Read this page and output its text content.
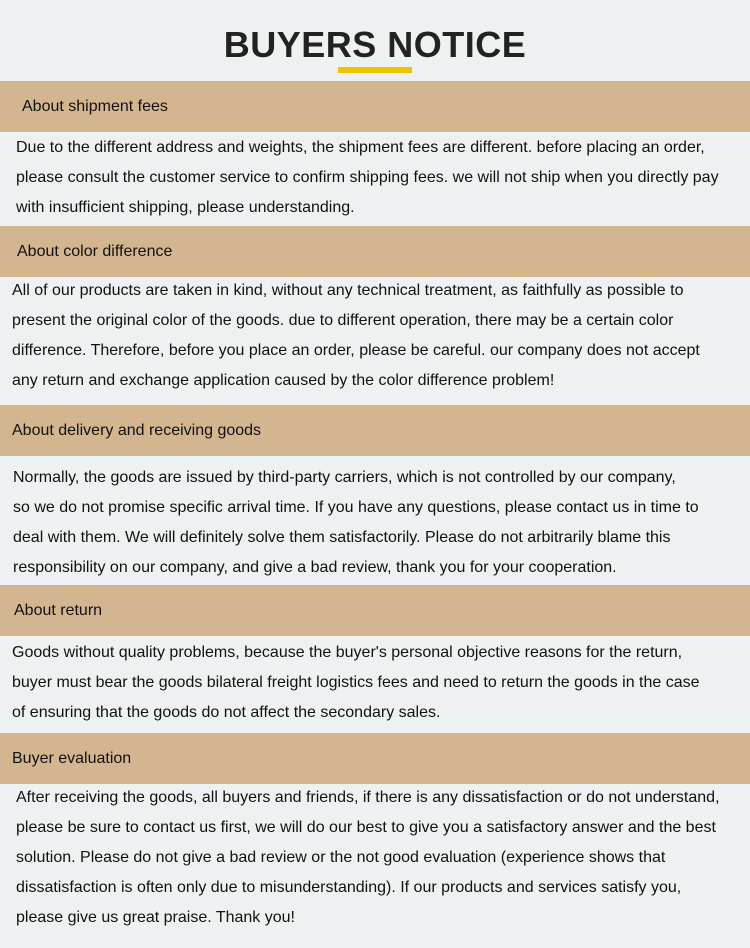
BUYERS NOTICE
About shipment fees
Due to the different address and weights, the shipment fees are different. before placing an order,
please consult the customer service to confirm shipping fees. we will not ship when you directly pay
with insufficient shipping, please understanding.
About color difference
All of our products are taken in kind, without any technical treatment, as faithfully as possible to
present the original color of the goods. due to different operation, there may be a certain color
difference. Therefore, before you place an order, please be careful. our company does not accept
any return and exchange application caused by the color difference problem!
About delivery and receiving goods
Normally, the goods are issued by third-party carriers, which is not controlled by our company,
so we do not promise specific arrival time. If you have any questions, please contact us in time to
deal with them. We will definitely solve them satisfactorily. Please do not arbitrarily blame this
responsibility on our company, and give a bad review, thank you for your cooperation.
About return
Goods without quality problems, because the buyer's personal objective reasons for the return,
buyer must bear the goods bilateral freight logistics fees and need to return the goods in the case
of ensuring that the goods do not affect the secondary sales.
Buyer evaluation
After receiving the goods, all buyers and friends, if there is any dissatisfaction or do not understand,
please be sure to contact us first, we will do our best to give you a satisfactory answer and the best
solution. Please do not give a bad review or the not good evaluation (experience shows that
dissatisfaction is often only due to misunderstanding). If our products and services satisfy you,
please give us great praise. Thank you!
